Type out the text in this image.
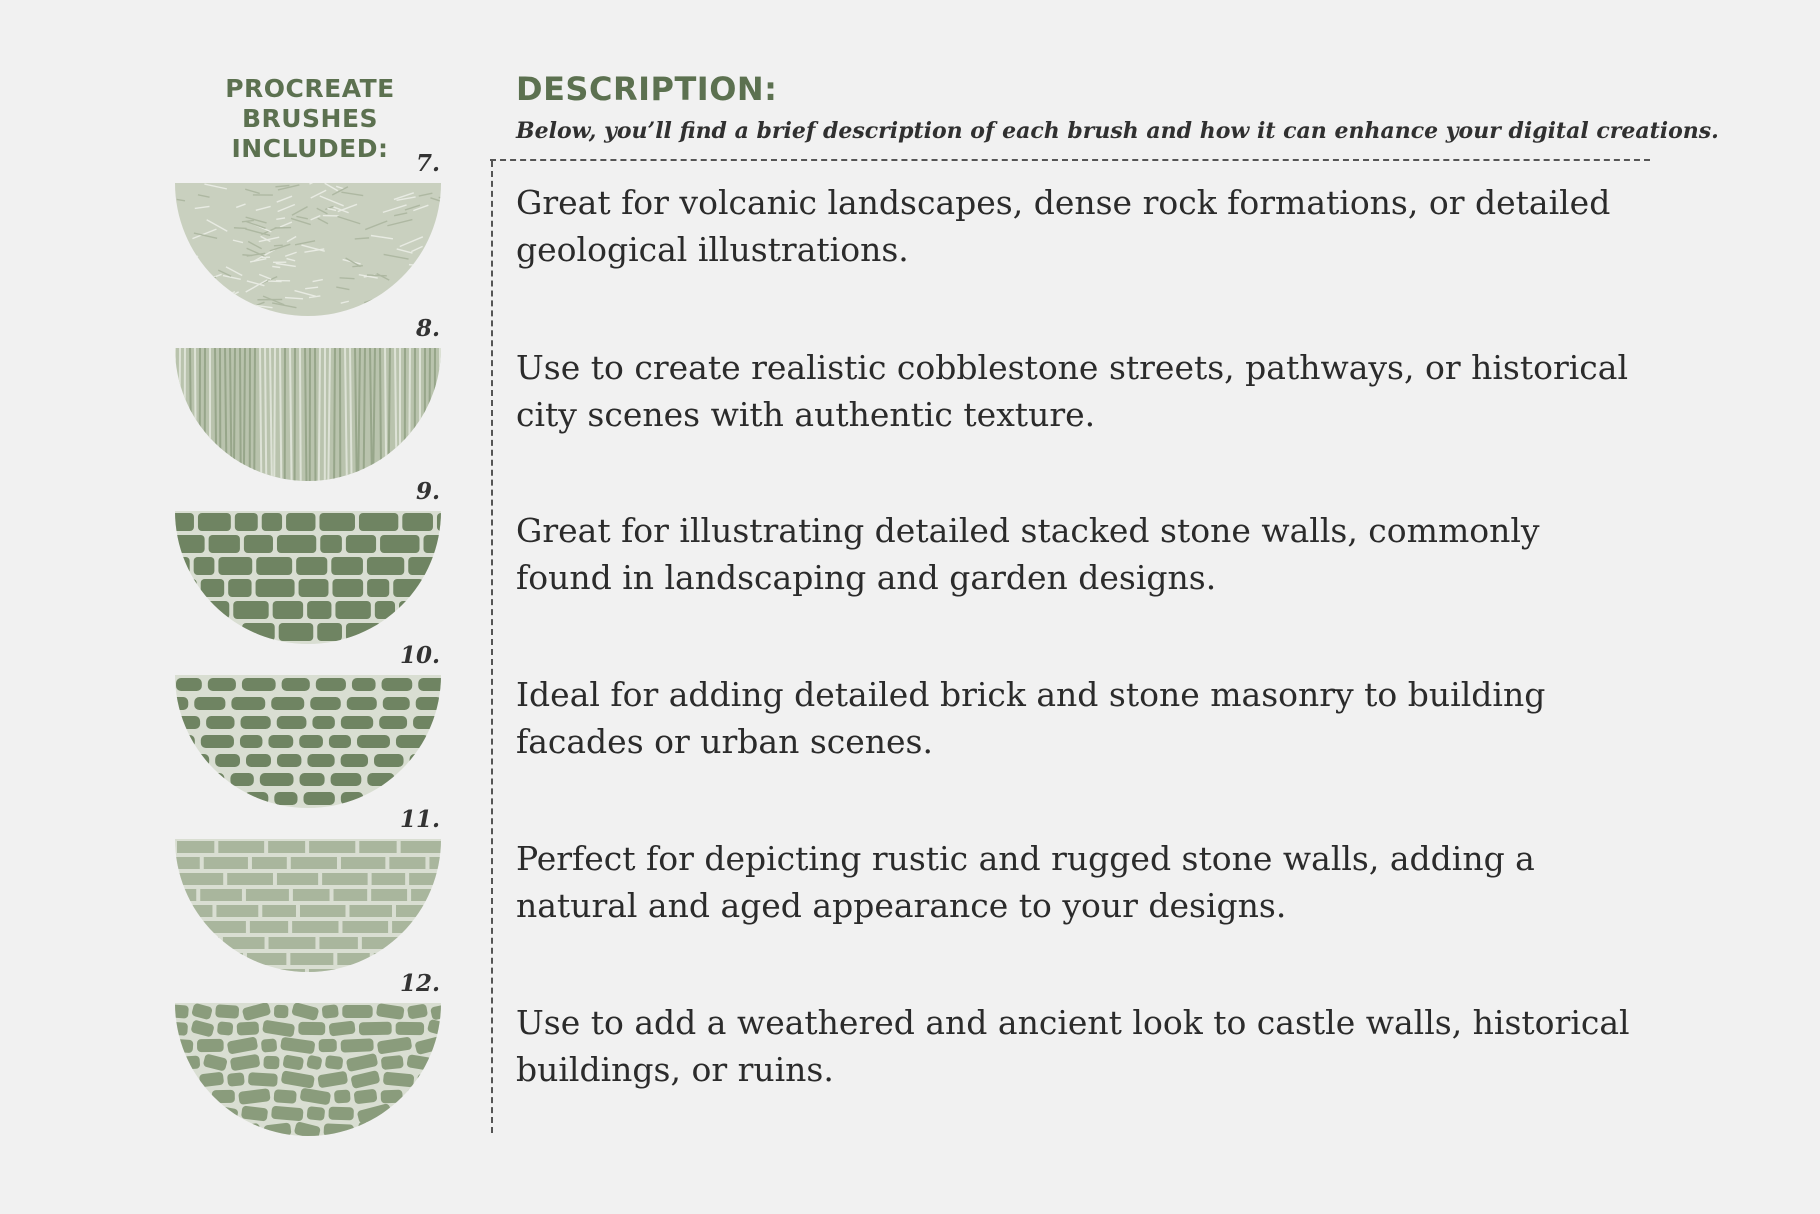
PROCREATE
BRUSHES INCLUDED:
DESCRIPTION:
Below, you’ll find a brief description of each brush and how it can enhance your digital creations.
7.
Great for volcanic landscapes, dense rock formations, or detailed geological illustrations.
8.
Use to create realistic cobblestone streets, pathways, or historical city scenes with authentic texture.
9.
Great for illustrating detailed stacked stone walls, commonly found in landscaping and garden designs.
10.
Ideal for adding detailed brick and stone masonry to building facades or urban scenes.
11.
Perfect for depicting rustic and rugged stone walls, adding a natural and aged appearance to your designs.
12.
Use to add a weathered and ancient look to castle walls, historical buildings, or ruins.
